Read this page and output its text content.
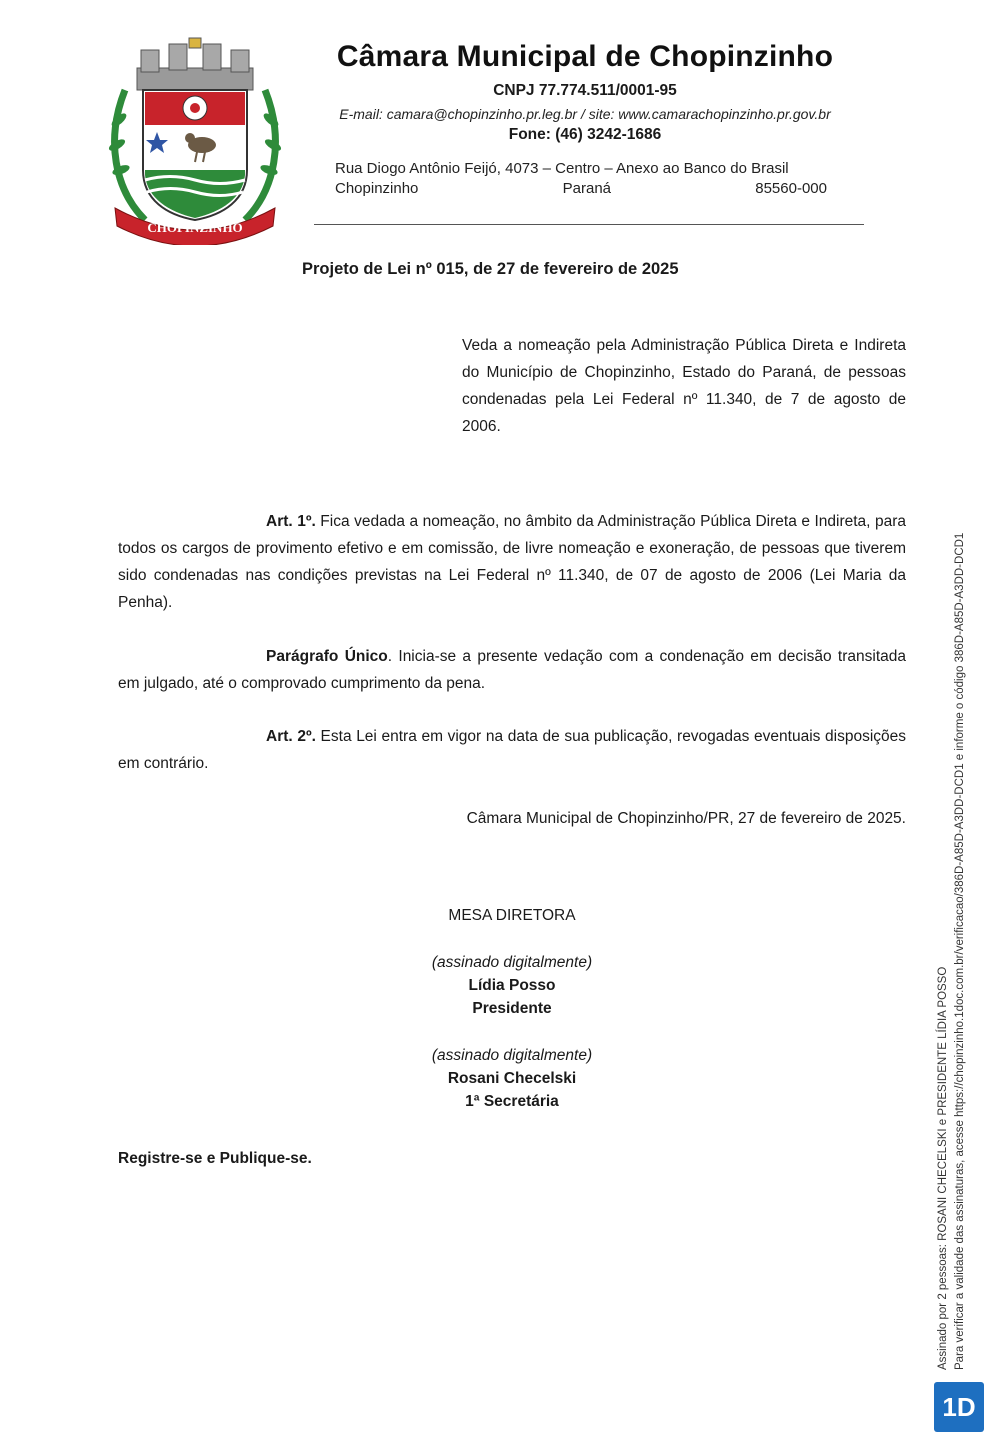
CHOPINZINHO
Câmara Municipal de Chopinzinho
CNPJ 77.774.511/0001-95
E-mail: camara@chopinzinho.pr.leg.br / site: www.camarachopinzinho.pr.gov.br
Fone: (46) 3242-1686
Rua Diogo Antônio Feijó, 4073 – Centro – Anexo ao Banco do Brasil
Chopinzinho	Paraná	85560-000
Projeto de Lei nº 015, de 27 de fevereiro de 2025
Veda a nomeação pela Administração Pública Direta e Indireta do Município de Chopinzinho, Estado do Paraná, de pessoas condenadas pela Lei Federal nº 11.340, de 7 de agosto de 2006.
Art. 1º. Fica vedada a nomeação, no âmbito da Administração Pública Direta e Indireta, para todos os cargos de provimento efetivo e em comissão, de livre nomeação e exoneração, de pessoas que tiverem sido condenadas nas condições previstas na Lei Federal nº 11.340, de 07 de agosto de 2006 (Lei Maria da Penha).
Parágrafo Único. Inicia-se a presente vedação com a condenação em decisão transitada em julgado, até o comprovado cumprimento da pena.
Art. 2º. Esta Lei entra em vigor na data de sua publicação, revogadas eventuais disposições em contrário.
Câmara Municipal de Chopinzinho/PR, 27 de fevereiro de 2025.
MESA DIRETORA
(assinado digitalmente)
Lídia Posso
Presidente
(assinado digitalmente)
Rosani Checelski
1ª Secretária
Registre-se e Publique-se.	Assinado por 2 pessoas: ROSANI CHECELSKI e PRESIDENTE LÍDIA POSSO Para verificar a validade das assinaturas, acesse https://chopinzinho.1doc.com.br/verificacao/386D-A85D-A3DD-DCD1 e informe o código 386D-A85D-A3DD-DCD1
1D
